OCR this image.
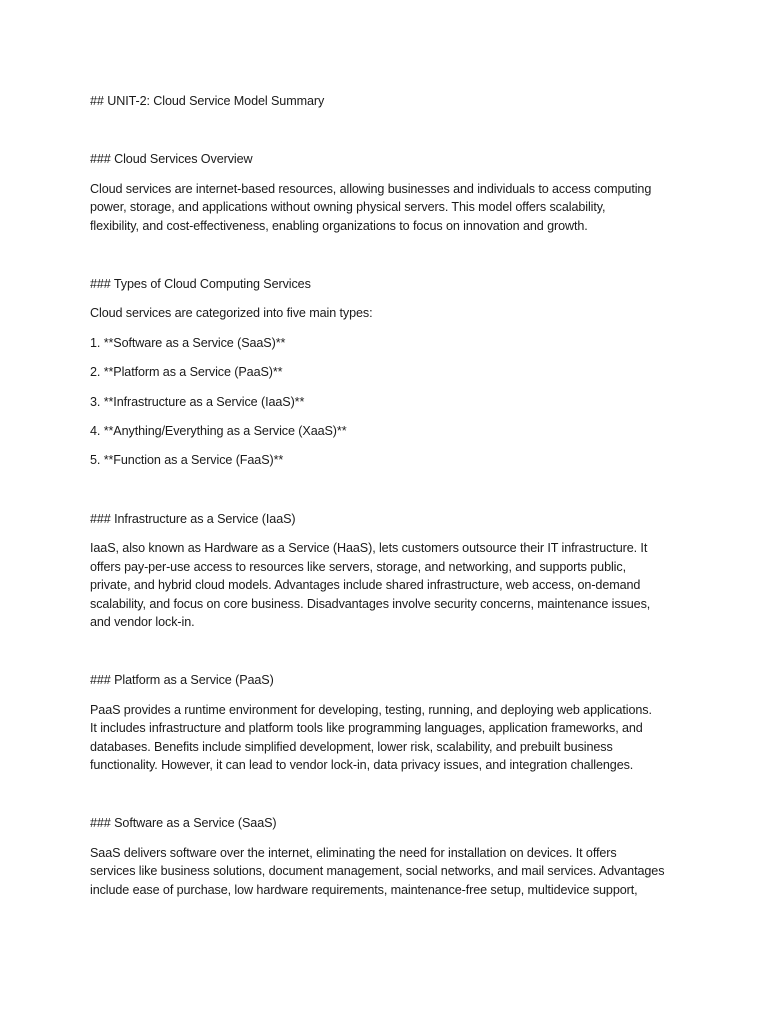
## UNIT-2: Cloud Service Model Summary
### Cloud Services Overview
Cloud services are internet-based resources, allowing businesses and individuals to access computing
power, storage, and applications without owning physical servers. This model offers scalability,
flexibility, and cost-effectiveness, enabling organizations to focus on innovation and growth.
### Types of Cloud Computing Services
Cloud services are categorized into five main types:
1. **Software as a Service (SaaS)**
2. **Platform as a Service (PaaS)**
3. **Infrastructure as a Service (IaaS)**
4. **Anything/Everything as a Service (XaaS)**
5. **Function as a Service (FaaS)**
### Infrastructure as a Service (IaaS)
IaaS, also known as Hardware as a Service (HaaS), lets customers outsource their IT infrastructure. It
offers pay-per-use access to resources like servers, storage, and networking, and supports public,
private, and hybrid cloud models. Advantages include shared infrastructure, web access, on-demand
scalability, and focus on core business. Disadvantages involve security concerns, maintenance issues,
and vendor lock-in.
### Platform as a Service (PaaS)
PaaS provides a runtime environment for developing, testing, running, and deploying web applications.
It includes infrastructure and platform tools like programming languages, application frameworks, and
databases. Benefits include simplified development, lower risk, scalability, and prebuilt business
functionality. However, it can lead to vendor lock-in, data privacy issues, and integration challenges.
### Software as a Service (SaaS)
SaaS delivers software over the internet, eliminating the need for installation on devices. It offers
services like business solutions, document management, social networks, and mail services. Advantages
include ease of purchase, low hardware requirements, maintenance-free setup, multidevice support,
